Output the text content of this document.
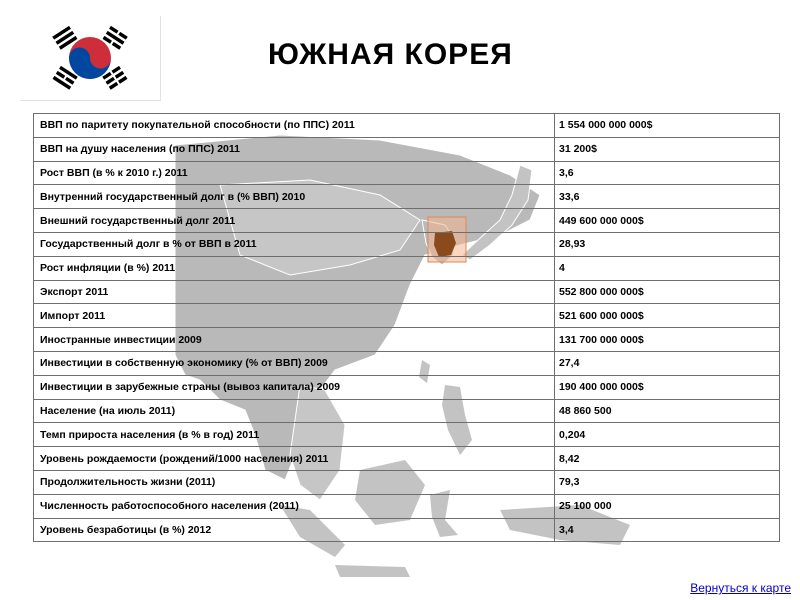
ЮЖНАЯ КОРЕЯ
ВВП по паритету покупательной способности (по ППС) 2011	1 554 000 000 000$
ВВП на душу населения (по ППС) 2011	31 200$
Рост ВВП (в % к 2010 г.) 2011	3,6
Внутренний государственный долг в (% ВВП) 2010	33,6
Внешний государственный долг 2011	449 600 000 000$
Государственный долг в % от ВВП в 2011	28,93
Рост инфляции (в %) 2011	4
Экспорт 2011	552 800 000 000$
Импорт 2011	521 600 000 000$
Иностранные инвестиции 2009	131 700 000 000$
Инвестиции в собственную экономику (% от ВВП) 2009	27,4
Инвестиции в зарубежные страны (вывоз капитала) 2009	190 400 000 000$
Население (на июль 2011)	48 860 500
Темп прироста населения (в % в год) 2011	0,204
Уровень рождаемости (рождений/1000 населения) 2011	8,42
Продолжительность жизни (2011)	79,3
Численность работоспособного населения (2011)	25 100 000
Уровень безработицы (в %) 2012	3,4
Вернуться к карте
